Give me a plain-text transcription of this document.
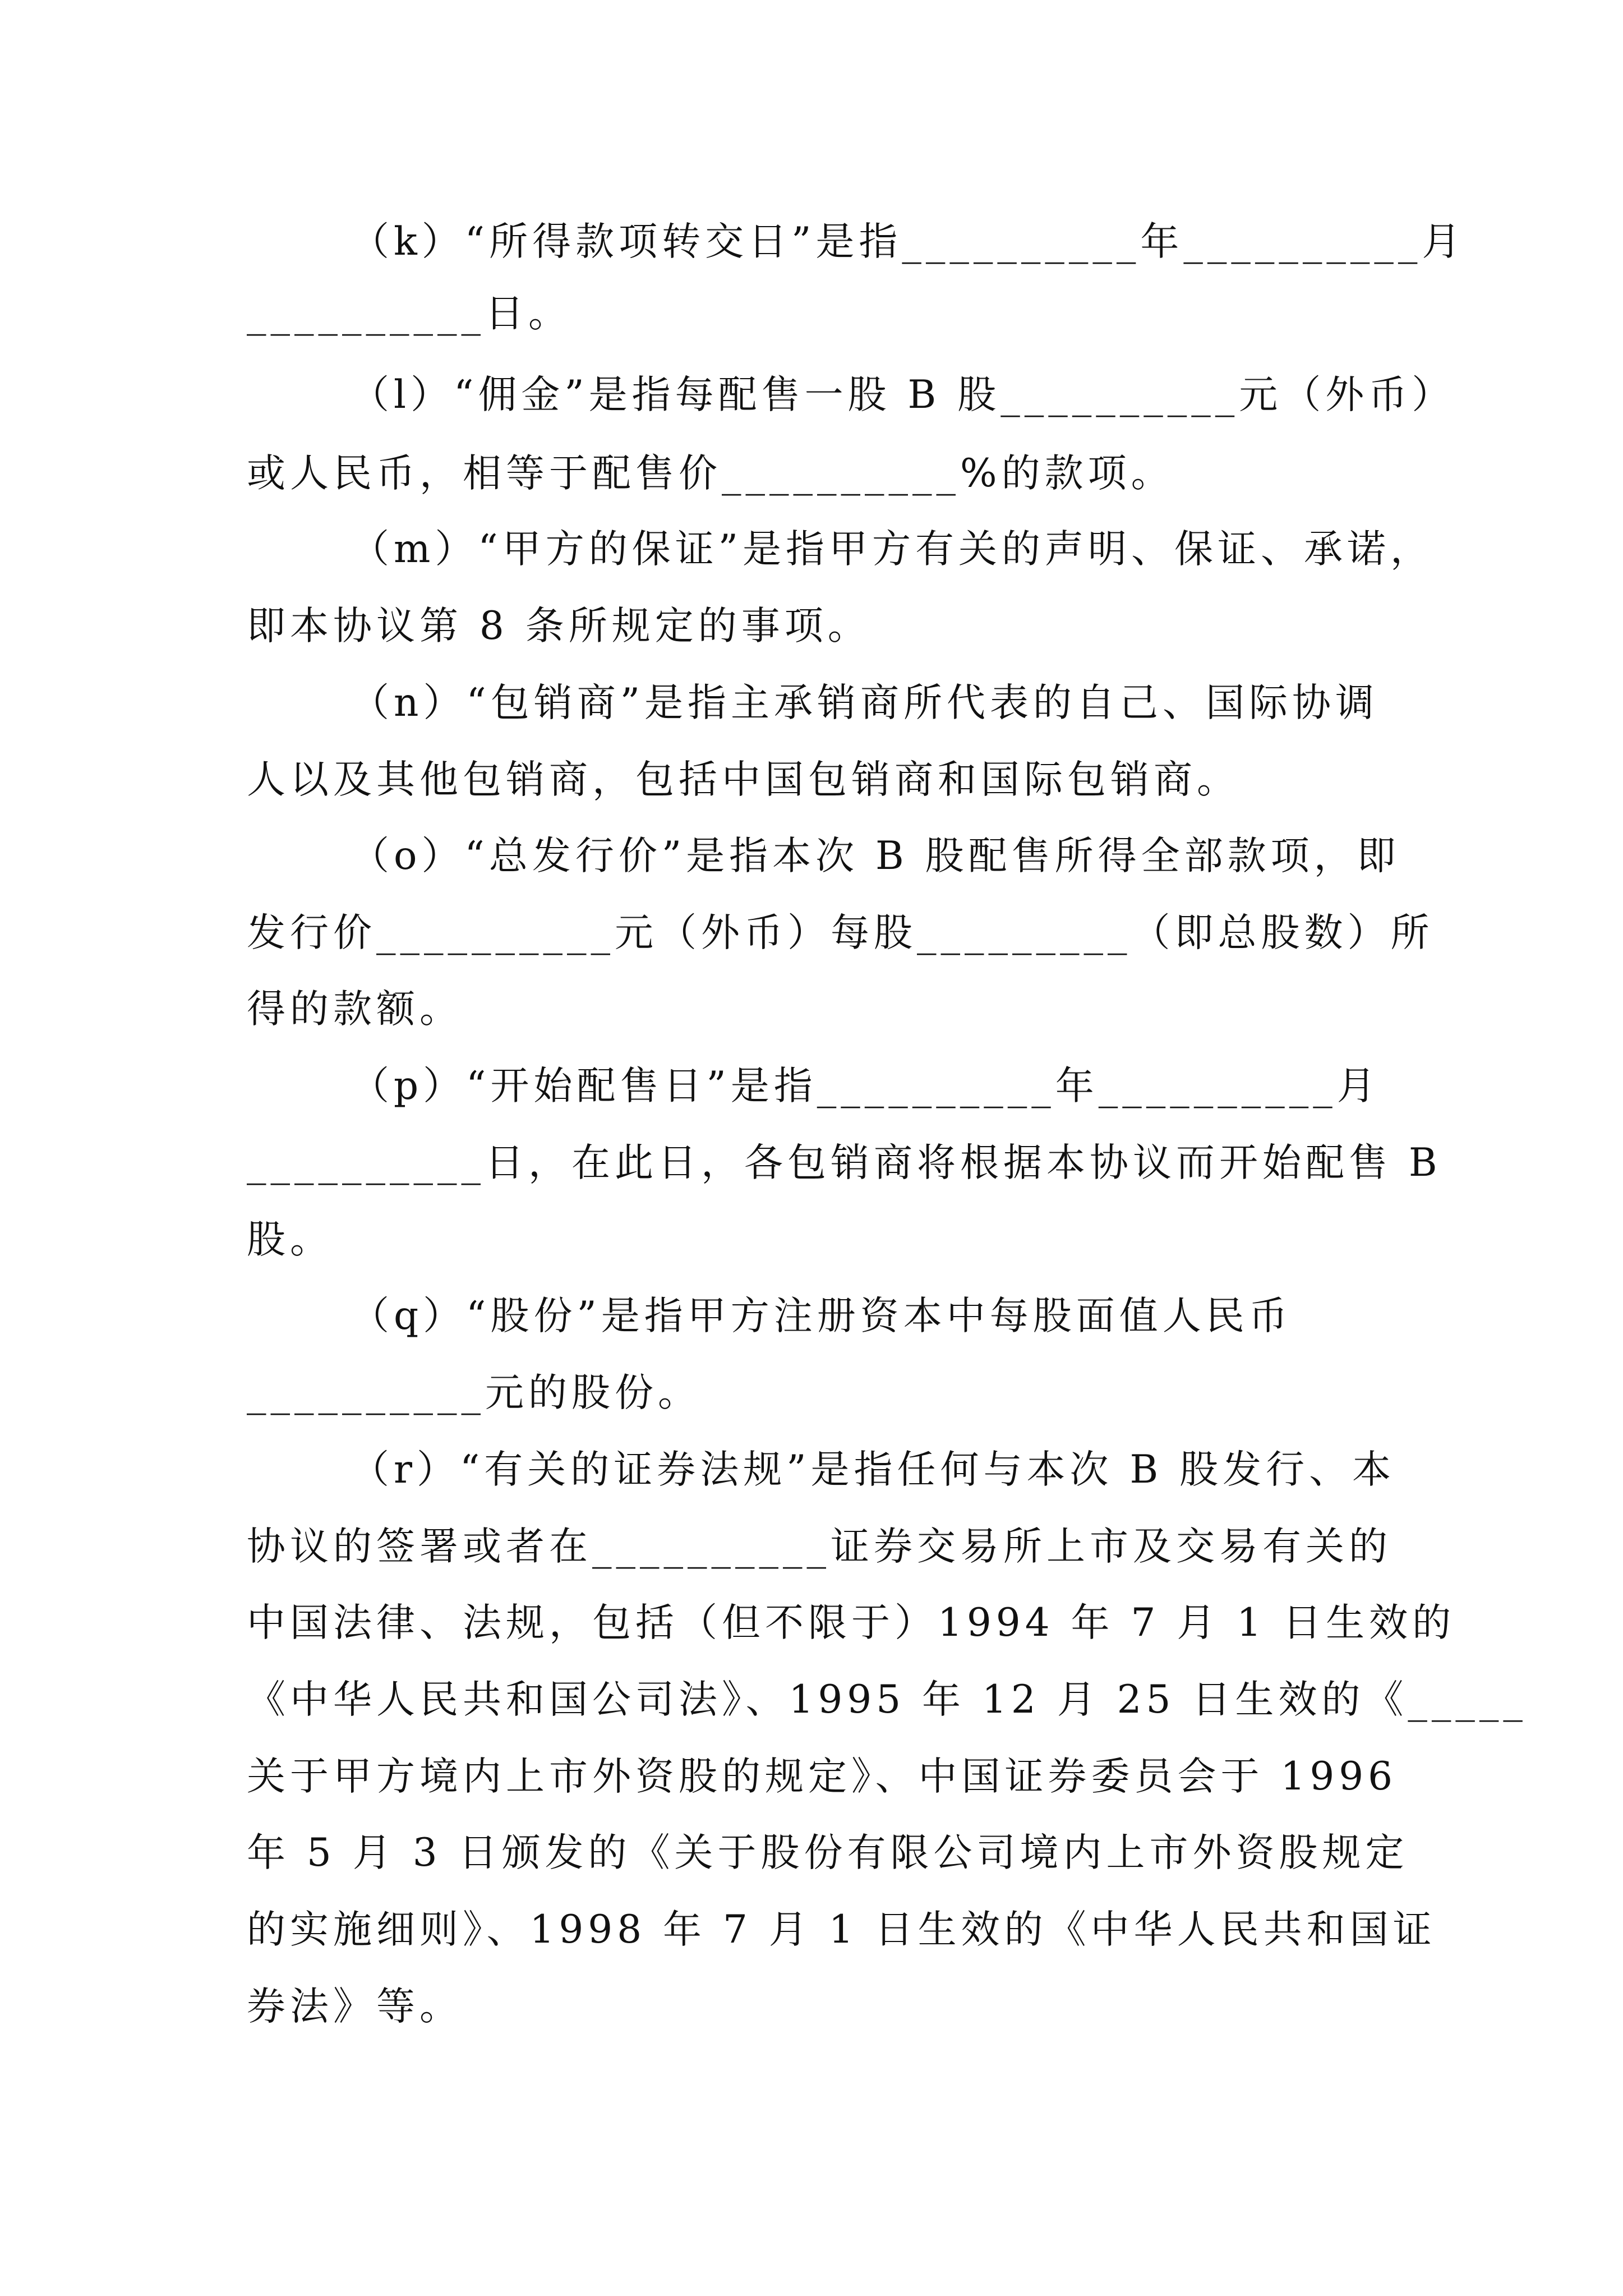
（k）“所得款项转交日”是指__________年__________月
__________日。
（l）“佣金”是指每配售一股 B 股__________元（外币）
或人民币，相等于配售价__________%的款项。
（m）“甲方的保证”是指甲方有关的声明、保证、承诺，
即本协议第 8 条所规定的事项。
（n）“包销商”是指主承销商所代表的自己、国际协调
人以及其他包销商，包括中国包销商和国际包销商。
（o）“总发行价”是指本次 B 股配售所得全部款项，即
发行价__________元（外币）每股_________（即总股数）所
得的款额。
（p）“开始配售日”是指__________年__________月
__________日，在此日，各包销商将根据本协议而开始配售 B
股。
（q）“股份”是指甲方注册资本中每股面值人民币
__________元的股份。
（r）“有关的证券法规”是指任何与本次 B 股发行、本
协议的签署或者在__________证券交易所上市及交易有关的
中国法律、法规，包括（但不限于）1994 年 7 月 1 日生效的
《中华人民共和国公司法》、1995 年 12 月 25 日生效的《_____
关于甲方境内上市外资股的规定》、中国证券委员会于 1996
年 5 月 3 日颁发的《关于股份有限公司境内上市外资股规定
的实施细则》、1998 年 7 月 1 日生效的《中华人民共和国证
券法》等。
